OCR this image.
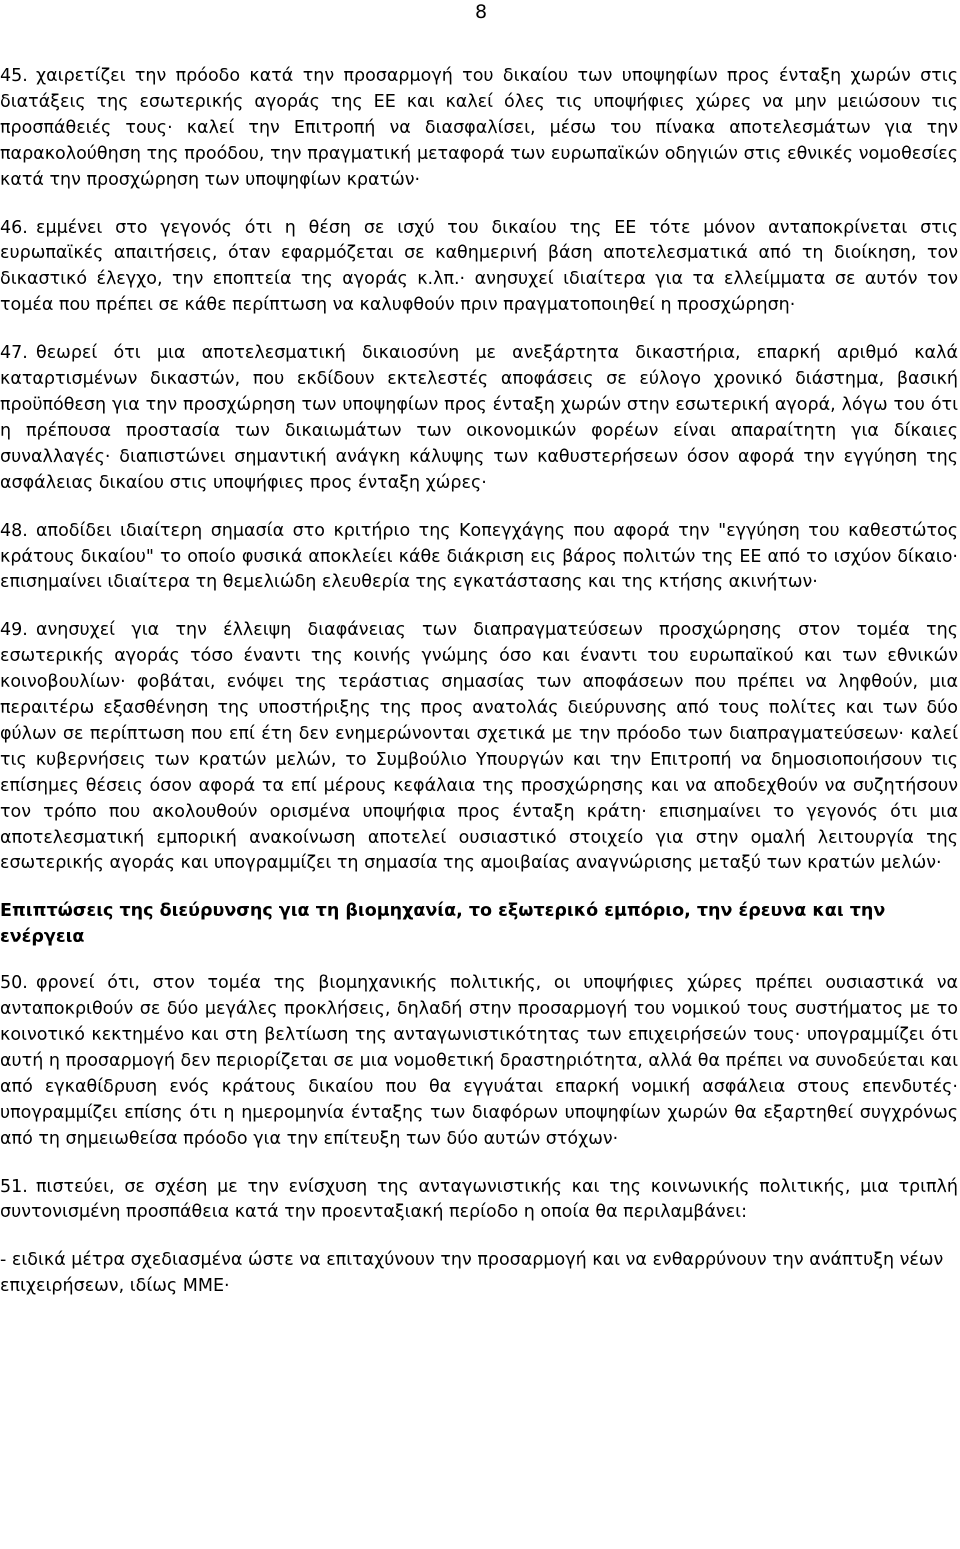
8

45. χαιρετίζει την πρόοδο κατά την προσαρμογή του δικαίου των υποψηφίων προς ένταξη χωρών στις διατάξεις της εσωτερικής αγοράς της ΕΕ και καλεί όλες τις υποψήφιες χώρες να μην μειώσουν τις προσπάθειές τους· καλεί την Επιτροπή να διασφαλίσει, μέσω του πίνακα αποτελεσμάτων για την παρακολούθηση της προόδου, την πραγματική μεταφορά των ευρωπαϊκών οδηγιών στις εθνικές νομοθεσίες κατά την προσχώρηση των υποψηφίων κρατών·

46. εμμένει στο γεγονός ότι η θέση σε ισχύ του δικαίου της ΕΕ τότε μόνον ανταποκρίνεται στις ευρωπαϊκές απαιτήσεις, όταν εφαρμόζεται σε καθημερινή βάση αποτελεσματικά από τη διοίκηση, τον δικαστικό έλεγχο, την εποπτεία της αγοράς κ.λπ.· ανησυχεί ιδιαίτερα για τα ελλείμματα σε αυτόν τον τομέα που πρέπει σε κάθε περίπτωση να καλυφθούν πριν πραγματοποιηθεί η προσχώρηση·

47. θεωρεί ότι μια αποτελεσματική δικαιοσύνη με ανεξάρτητα δικαστήρια, επαρκή αριθμό καλά καταρτισμένων δικαστών, που εκδίδουν εκτελεστές αποφάσεις σε εύλογο χρονικό διάστημα, βασική προϋπόθεση για την προσχώρηση των υποψηφίων προς ένταξη χωρών στην εσωτερική αγορά, λόγω του ότι η πρέπουσα προστασία των δικαιωμάτων των οικονομικών φορέων είναι απαραίτητη για δίκαιες συναλλαγές· διαπιστώνει σημαντική ανάγκη κάλυψης των καθυστερήσεων όσον αφορά την εγγύηση της ασφάλειας δικαίου στις υποψήφιες προς ένταξη χώρες·

48. αποδίδει ιδιαίτερη σημασία στο κριτήριο της Κοπεγχάγης που αφορά την "εγγύηση του καθεστώτος κράτους δικαίου" το οποίο φυσικά αποκλείει κάθε διάκριση εις βάρος πολιτών της ΕΕ από το ισχύον δίκαιο· επισημαίνει ιδιαίτερα τη θεμελιώδη ελευθερία της εγκατάστασης και της κτήσης ακινήτων·

49. ανησυχεί για την έλλειψη διαφάνειας των διαπραγματεύσεων προσχώρησης στον τομέα της εσωτερικής αγοράς τόσο έναντι της κοινής γνώμης όσο και έναντι του ευρωπαϊκού και των εθνικών κοινοβουλίων· φοβάται, ενόψει της τεράστιας σημασίας των αποφάσεων που πρέπει να ληφθούν, μια περαιτέρω εξασθένηση της υποστήριξης της προς ανατολάς διεύρυνσης από τους πολίτες και των δύο φύλων σε περίπτωση που επί έτη δεν ενημερώνονται σχετικά με την πρόοδο των διαπραγματεύσεων· καλεί τις κυβερνήσεις των κρατών μελών, το Συμβούλιο Υπουργών και την Επιτροπή να δημοσιοποιήσουν τις επίσημες θέσεις όσον αφορά τα επί μέρους κεφάλαια της προσχώρησης και να αποδεχθούν να συζητήσουν τον τρόπο που ακολουθούν ορισμένα υποψήφια προς ένταξη κράτη· επισημαίνει το γεγονός ότι μια αποτελεσματική εμπορική ανακοίνωση αποτελεί ουσιαστικό στοιχείο για στην ομαλή λειτουργία της εσωτερικής αγοράς και υπογραμμίζει τη σημασία της αμοιβαίας αναγνώρισης μεταξύ των κρατών μελών·

Επιπτώσεις της διεύρυνσης για τη βιομηχανία, το εξωτερικό εμπόριο, την έρευνα και την ενέργεια

50. φρονεί ότι, στον τομέα της βιομηχανικής πολιτικής, οι υποψήφιες χώρες πρέπει ουσιαστικά να ανταποκριθούν σε δύο μεγάλες προκλήσεις, δηλαδή στην προσαρμογή του νομικού τους συστήματος με το κοινοτικό κεκτημένο και στη βελτίωση της ανταγωνιστικότητας των επιχειρήσεών τους· υπογραμμίζει ότι αυτή η προσαρμογή δεν περιορίζεται σε μια νομοθετική δραστηριότητα, αλλά θα πρέπει να συνοδεύεται και από εγκαθίδρυση ενός κράτους δικαίου που θα εγγυάται επαρκή νομική ασφάλεια στους επενδυτές· υπογραμμίζει επίσης ότι η ημερομηνία ένταξης των διαφόρων υποψηφίων χωρών θα εξαρτηθεί συγχρόνως από τη σημειωθείσα πρόοδο για την επίτευξη των δύο αυτών στόχων·

51. πιστεύει, σε σχέση με την ενίσχυση της ανταγωνιστικής και της κοινωνικής πολιτικής, μια τριπλή συντονισμένη προσπάθεια κατά την προενταξιακή περίοδο η οποία θα περιλαμβάνει:

- ειδικά μέτρα σχεδιασμένα ώστε να επιταχύνουν την προσαρμογή και να ενθαρρύνουν την ανάπτυξη νέων επιχειρήσεων, ιδίως ΜΜΕ·
